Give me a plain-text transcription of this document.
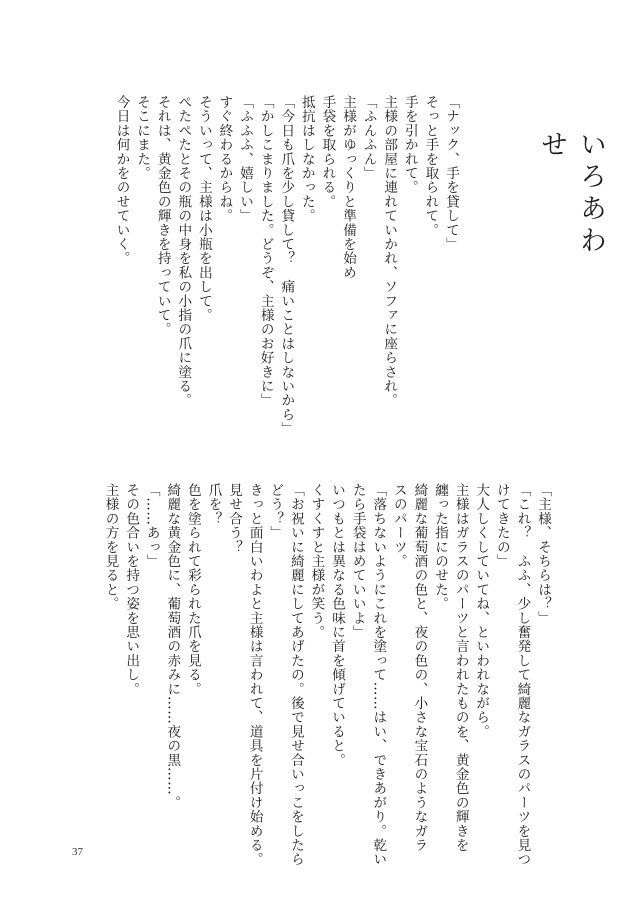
いろあわせ

「ナック、手を貸して」

そっと手を取られて。

手を引かれて。

主様の部屋に連れていかれ、ソファに座らされ。

「ふんふん」

主様がゆっくりと準備を始め

手袋を取られる。

抵抗はしなかった。

「今日も爪を少し貸して？　痛いことはしないから」

「かしこまりました。どうぞ、主様のお好きに」

「ふふふ、嬉しい」

すぐ終わるからね。

そういって、主様は小瓶を出して。

ぺたぺたとその瓶の中身を私の小指の爪に塗る。

それは、黄金色の輝きを持っていて。

そこにまた。

今日は何かをのせていく。

「主様、そちらは？」

「これ？　ふふ、少し奮発して綺麗なガラスのパーツを見つ

けてきたの」

大人しくしていてね、といわれながら。

主様はガラスのパーツと言われたものを、黄金色の輝きを

纏った指にのせた。

綺麗な葡萄酒の色と、夜の色の、小さな宝石のようなガラ

スのパーツ。

「落ちないようにこれを塗って……はい、できあがり。乾い

たら手袋はめていいよ」

いつもとは異なる色味に首を傾げていると。

くすくすと主様が笑う。

「お祝いに綺麗にしてあげたの。後で見せ合いっこをしたら

どう？」

きっと面白いわよと主様は言われて、道具を片付け始める。

見せ合う？

爪を？

色を塗られて彩られた爪を見る。

綺麗な黄金色に、葡萄酒の赤みに……夜の黒……。

「……あっ」

その色合いを持つ姿を思い出し。

主様の方を見ると。

37
